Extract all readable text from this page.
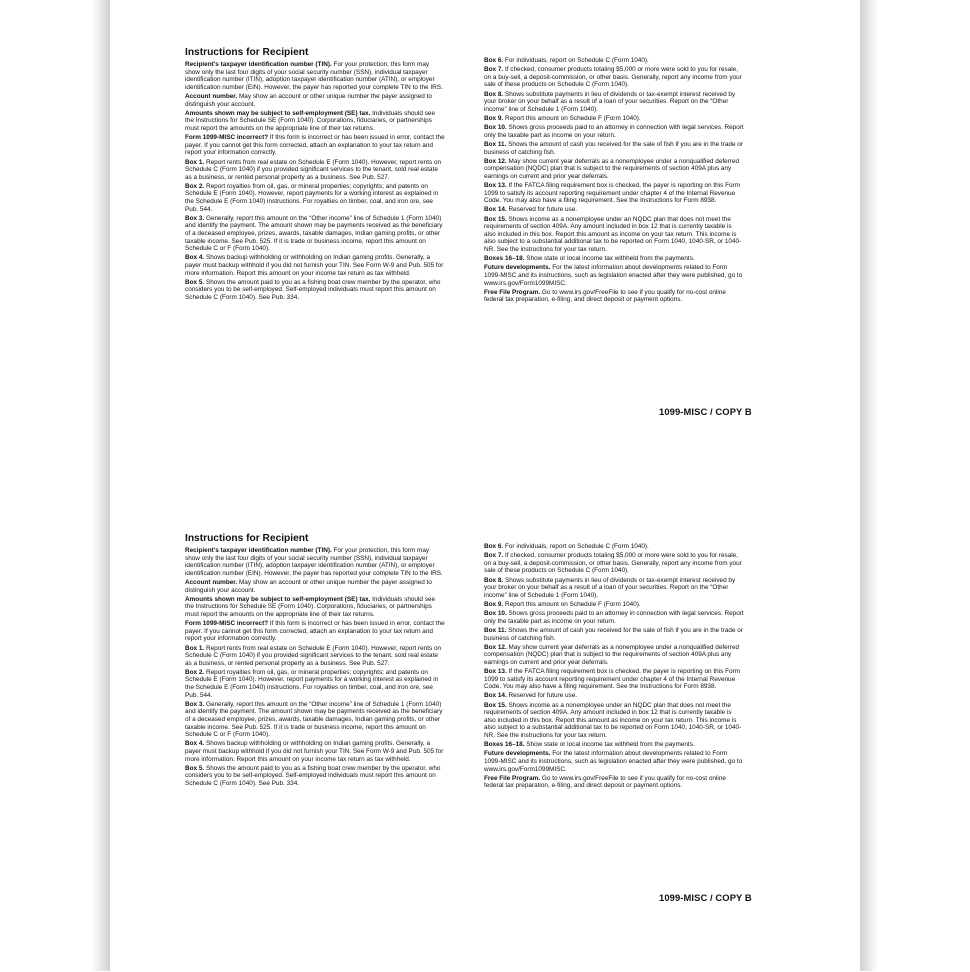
Instructions for Recipient
Recipient's taxpayer identification number (TIN). For your protection, this form may show only the last four digits of your social security number (SSN), individual taxpayer identification number (ITIN), adoption taxpayer identification number (ATIN), or employer identification number (EIN). However, the payer has reported your complete TIN to the IRS.
Account number. May show an account or other unique number the payer assigned to distinguish your account.
Amounts shown may be subject to self-employment (SE) tax. Individuals should see the Instructions for Schedule SE (Form 1040). Corporations, fiduciaries, or partnerships must report the amounts on the appropriate line of their tax returns.
Form 1099-MISC incorrect? If this form is incorrect or has been issued in error, contact the payer. If you cannot get this form corrected, attach an explanation to your tax return and report your information correctly.
Box 1. Report rents from real estate on Schedule E (Form 1040). However, report rents on Schedule C (Form 1040) if you provided significant services to the tenant, sold real estate as a business, or rented personal property as a business. See Pub. 527.
Box 2. Report royalties from oil, gas, or mineral properties; copyrights; and patents on Schedule E (Form 1040). However, report payments for a working interest as explained in the Schedule E (Form 1040) instructions. For royalties on timber, coal, and iron ore, see Pub. 544.
Box 3. Generally, report this amount on the “Other income” line of Schedule 1 (Form 1040) and identify the payment. The amount shown may be payments received as the beneficiary of a deceased employee, prizes, awards, taxable damages, Indian gaming profits, or other taxable income. See Pub. 525. If it is trade or business income, report this amount on Schedule C or F (Form 1040).
Box 4. Shows backup withholding or withholding on Indian gaming profits. Generally, a payer must backup withhold if you did not furnish your TIN. See Form W-9 and Pub. 505 for more information. Report this amount on your income tax return as tax withheld.
Box 5. Shows the amount paid to you as a fishing boat crew member by the operator, who considers you to be self-employed. Self-employed individuals must report this amount on Schedule C (Form 1040). See Pub. 334.
Box 6. For individuals, report on Schedule C (Form 1040).
Box 7. If checked, consumer products totaling $5,000 or more were sold to you for resale, on a buy-sell, a deposit-commission, or other basis. Generally, report any income from your sale of these products on Schedule C (Form 1040).
Box 8. Shows substitute payments in lieu of dividends or tax-exempt interest received by your broker on your behalf as a result of a loan of your securities. Report on the “Other income” line of Schedule 1 (Form 1040).
Box 9. Report this amount on Schedule F (Form 1040).
Box 10. Shows gross proceeds paid to an attorney in connection with legal services. Report only the taxable part as income on your return.
Box 11. Shows the amount of cash you received for the sale of fish if you are in the trade or business of catching fish.
Box 12. May show current year deferrals as a nonemployee under a nonqualified deferred compensation (NQDC) plan that is subject to the requirements of section 409A plus any earnings on current and prior year deferrals.
Box 13. If the FATCA filing requirement box is checked, the payer is reporting on this Form 1099 to satisfy its account reporting requirement under chapter 4 of the Internal Revenue Code. You may also have a filing requirement. See the Instructions for Form 8938.
Box 14. Reserved for future use.
Box 15. Shows income as a nonemployee under an NQDC plan that does not meet the requirements of section 409A. Any amount included in box 12 that is currently taxable is also included in this box. Report this amount as income on your tax return. This income is also subject to a substantial additional tax to be reported on Form 1040, 1040-SR, or 1040-NR. See the instructions for your tax return.
Boxes 16–18. Show state or local income tax withheld from the payments.
Future developments. For the latest information about developments related to Form 1099-MISC and its instructions, such as legislation enacted after they were published, go to www.irs.gov/Form1099MISC.
Free File Program. Go to www.irs.gov/FreeFile to see if you qualify for no-cost online federal tax preparation, e-filing, and direct deposit or payment options.
1099-MISC / COPY B
Instructions for Recipient
Recipient's taxpayer identification number (TIN). For your protection, this form may show only the last four digits of your social security number (SSN), individual taxpayer identification number (ITIN), adoption taxpayer identification number (ATIN), or employer identification number (EIN). However, the payer has reported your complete TIN to the IRS.
Account number. May show an account or other unique number the payer assigned to distinguish your account.
Amounts shown may be subject to self-employment (SE) tax. Individuals should see the Instructions for Schedule SE (Form 1040). Corporations, fiduciaries, or partnerships must report the amounts on the appropriate line of their tax returns.
Form 1099-MISC incorrect? If this form is incorrect or has been issued in error, contact the payer. If you cannot get this form corrected, attach an explanation to your tax return and report your information correctly.
Box 1. Report rents from real estate on Schedule E (Form 1040). However, report rents on Schedule C (Form 1040) if you provided significant services to the tenant, sold real estate as a business, or rented personal property as a business. See Pub. 527.
Box 2. Report royalties from oil, gas, or mineral properties; copyrights; and patents on Schedule E (Form 1040). However, report payments for a working interest as explained in the Schedule E (Form 1040) instructions. For royalties on timber, coal, and iron ore, see Pub. 544.
Box 3. Generally, report this amount on the “Other income” line of Schedule 1 (Form 1040) and identify the payment. The amount shown may be payments received as the beneficiary of a deceased employee, prizes, awards, taxable damages, Indian gaming profits, or other taxable income. See Pub. 525. If it is trade or business income, report this amount on Schedule C or F (Form 1040).
Box 4. Shows backup withholding or withholding on Indian gaming profits. Generally, a payer must backup withhold if you did not furnish your TIN. See Form W-9 and Pub. 505 for more information. Report this amount on your income tax return as tax withheld.
Box 5. Shows the amount paid to you as a fishing boat crew member by the operator, who considers you to be self-employed. Self-employed individuals must report this amount on Schedule C (Form 1040). See Pub. 334.
Box 6. For individuals, report on Schedule C (Form 1040).
Box 7. If checked, consumer products totaling $5,000 or more were sold to you for resale, on a buy-sell, a deposit-commission, or other basis. Generally, report any income from your sale of these products on Schedule C (Form 1040).
Box 8. Shows substitute payments in lieu of dividends or tax-exempt interest received by your broker on your behalf as a result of a loan of your securities. Report on the “Other income” line of Schedule 1 (Form 1040).
Box 9. Report this amount on Schedule F (Form 1040).
Box 10. Shows gross proceeds paid to an attorney in connection with legal services. Report only the taxable part as income on your return.
Box 11. Shows the amount of cash you received for the sale of fish if you are in the trade or business of catching fish.
Box 12. May show current year deferrals as a nonemployee under a nonqualified deferred compensation (NQDC) plan that is subject to the requirements of section 409A plus any earnings on current and prior year deferrals.
Box 13. If the FATCA filing requirement box is checked, the payer is reporting on this Form 1099 to satisfy its account reporting requirement under chapter 4 of the Internal Revenue Code. You may also have a filing requirement. See the Instructions for Form 8938.
Box 14. Reserved for future use.
Box 15. Shows income as a nonemployee under an NQDC plan that does not meet the requirements of section 409A. Any amount included in box 12 that is currently taxable is also included in this box. Report this amount as income on your tax return. This income is also subject to a substantial additional tax to be reported on Form 1040, 1040-SR, or 1040-NR. See the instructions for your tax return.
Boxes 16–18. Show state or local income tax withheld from the payments.
Future developments. For the latest information about developments related to Form 1099-MISC and its instructions, such as legislation enacted after they were published, go to www.irs.gov/Form1099MISC.
Free File Program. Go to www.irs.gov/FreeFile to see if you qualify for no-cost online federal tax preparation, e-filing, and direct deposit or payment options.
1099-MISC / COPY B
